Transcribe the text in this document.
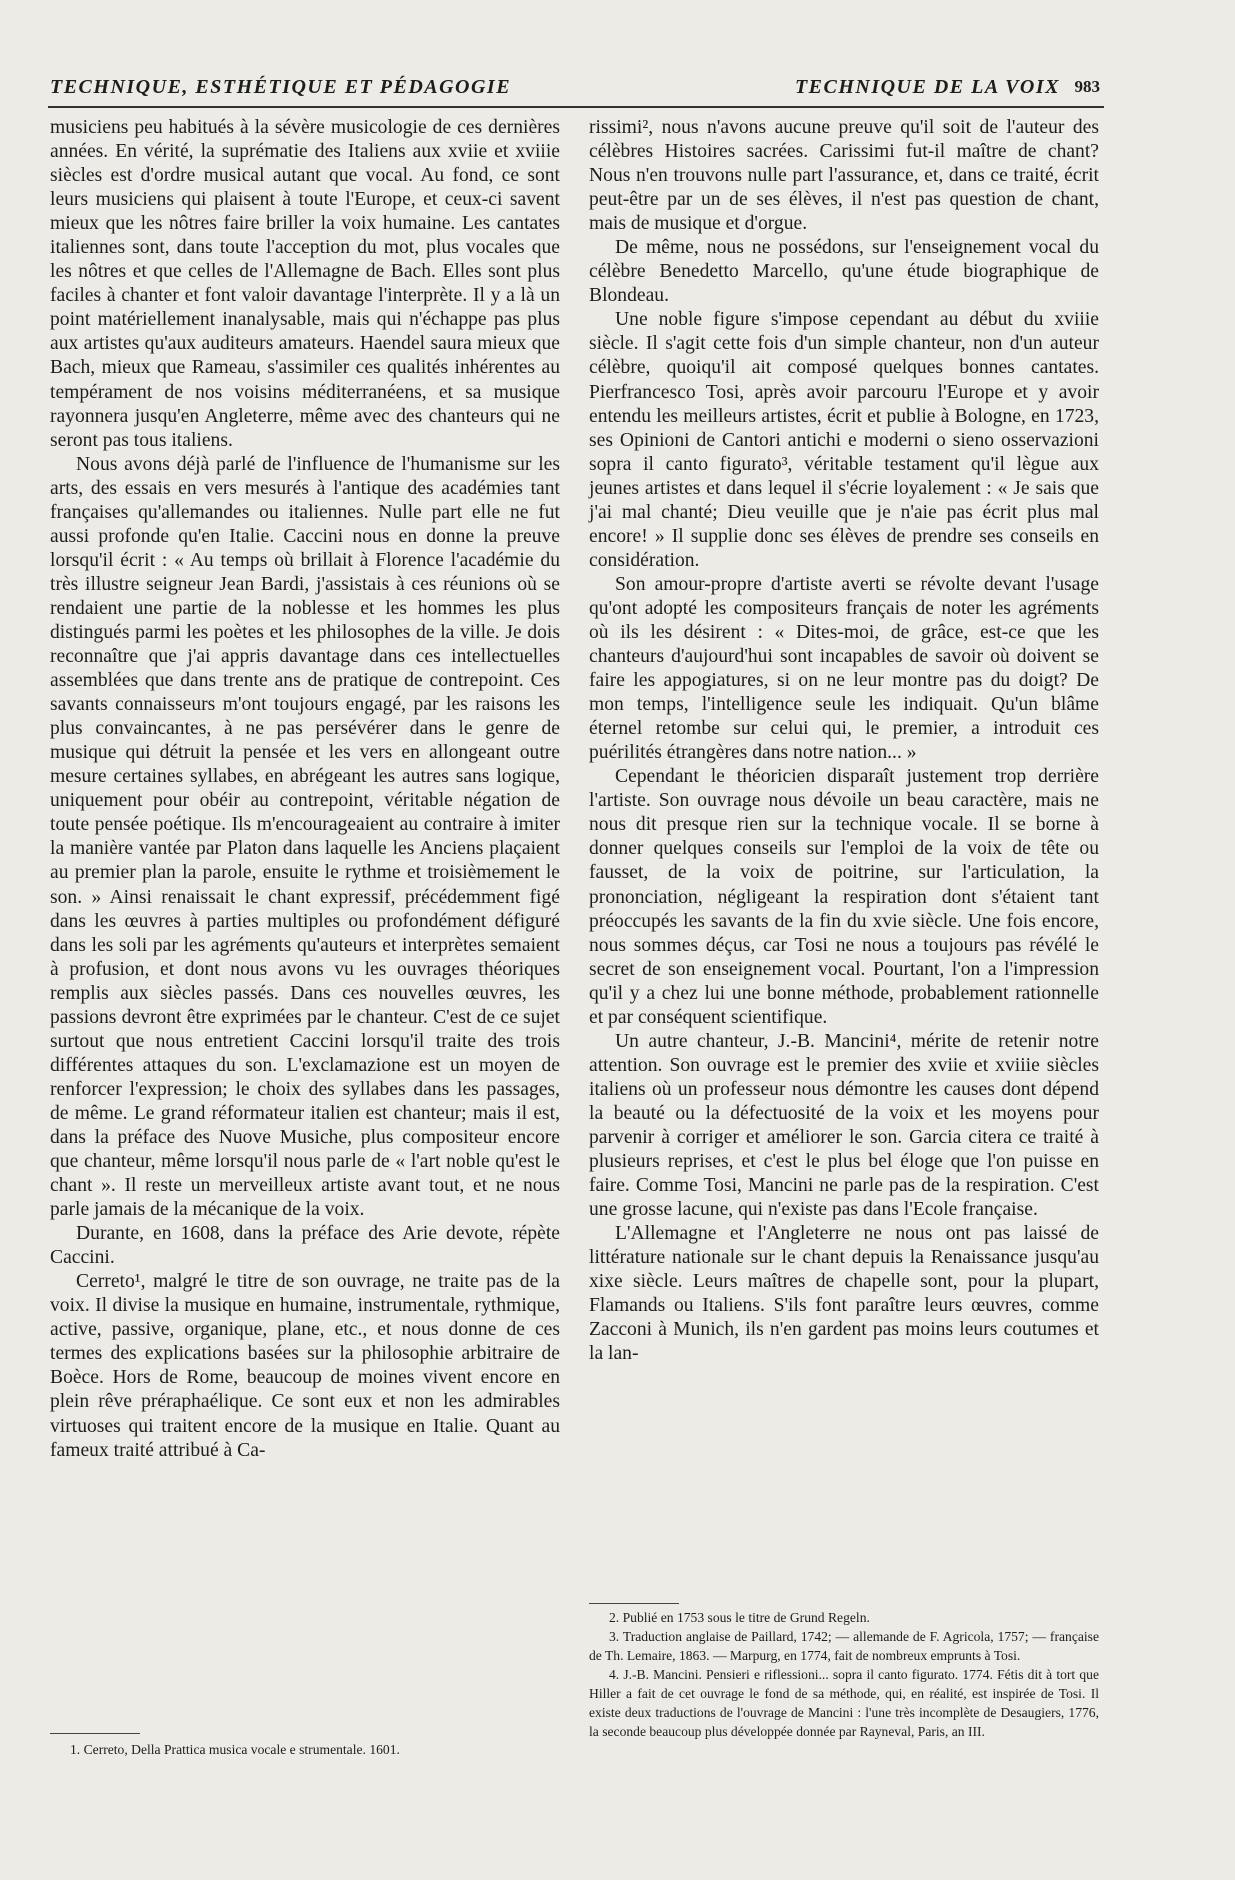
TECHNIQUE, ESTHÉTIQUE ET PÉDAGOGIE	TECHNIQUE DE LA VOIX 983

musiciens peu habitués à la sévère musicologie de ces dernières années. En vérité, la suprématie des Italiens aux xviie et xviiie siècles est d'ordre musical autant que vocal. Au fond, ce sont leurs musiciens qui plaisent à toute l'Europe, et ceux-ci savent mieux que les nôtres faire briller la voix humaine. Les cantates italiennes sont, dans toute l'acception du mot, plus vocales que les nôtres et que celles de l'Allemagne de Bach. Elles sont plus faciles à chanter et font valoir davantage l'interprète. Il y a là un point matériellement inanalysable, mais qui n'échappe pas plus aux artistes qu'aux auditeurs amateurs. Haendel saura mieux que Bach, mieux que Rameau, s'assimiler ces qualités inhérentes au tempérament de nos voisins méditerranéens, et sa musique rayonnera jusqu'en Angleterre, même avec des chanteurs qui ne seront pas tous italiens.

Nous avons déjà parlé de l'influence de l'humanisme sur les arts, des essais en vers mesurés à l'antique des académies tant françaises qu'allemandes ou italiennes. Nulle part elle ne fut aussi profonde qu'en Italie. Caccini nous en donne la preuve lorsqu'il écrit : « Au temps où brillait à Florence l'académie du très illustre seigneur Jean Bardi, j'assistais à ces réunions où se rendaient une partie de la noblesse et les hommes les plus distingués parmi les poètes et les philosophes de la ville. Je dois reconnaître que j'ai appris davantage dans ces intellectuelles assemblées que dans trente ans de pratique de contrepoint. Ces savants connaisseurs m'ont toujours engagé, par les raisons les plus convaincantes, à ne pas persévérer dans le genre de musique qui détruit la pensée et les vers en allongeant outre mesure certaines syllabes, en abrégeant les autres sans logique, uniquement pour obéir au contrepoint, véritable négation de toute pensée poétique. Ils m'encourageaient au contraire à imiter la manière vantée par Platon dans laquelle les Anciens plaçaient au premier plan la parole, ensuite le rythme et troisièmement le son. » Ainsi renaissait le chant expressif, précédemment figé dans les œuvres à parties multiples ou profondément défiguré dans les soli par les agréments qu'auteurs et interprètes semaient à profusion, et dont nous avons vu les ouvrages théoriques remplis aux siècles passés. Dans ces nouvelles œuvres, les passions devront être exprimées par le chanteur. C'est de ce sujet surtout que nous entretient Caccini lorsqu'il traite des trois différentes attaques du son. L'exclamazione est un moyen de renforcer l'expression; le choix des syllabes dans les passages, de même. Le grand réformateur italien est chanteur; mais il est, dans la préface des Nuove Musiche, plus compositeur encore que chanteur, même lorsqu'il nous parle de « l'art noble qu'est le chant ». Il reste un merveilleux artiste avant tout, et ne nous parle jamais de la mécanique de la voix.

Durante, en 1608, dans la préface des Arie devote, répète Caccini.

Cerreto¹, malgré le titre de son ouvrage, ne traite pas de la voix. Il divise la musique en humaine, instrumentale, rythmique, active, passive, organique, plane, etc., et nous donne de ces termes des explications basées sur la philosophie arbitraire de Boèce. Hors de Rome, beaucoup de moines vivent encore en plein rêve préraphaélique. Ce sont eux et non les admirables virtuoses qui traitent encore de la musique en Italie. Quant au fameux traité attribué à Ca-

rissimi², nous n'avons aucune preuve qu'il soit de l'auteur des célèbres Histoires sacrées. Carissimi fut-il maître de chant? Nous n'en trouvons nulle part l'assurance, et, dans ce traité, écrit peut-être par un de ses élèves, il n'est pas question de chant, mais de musique et d'orgue.

De même, nous ne possédons, sur l'enseignement vocal du célèbre Benedetto Marcello, qu'une étude biographique de Blondeau.

Une noble figure s'impose cependant au début du xviiie siècle. Il s'agit cette fois d'un simple chanteur, non d'un auteur célèbre, quoiqu'il ait composé quelques bonnes cantates. Pierfrancesco Tosi, après avoir parcouru l'Europe et y avoir entendu les meilleurs artistes, écrit et publie à Bologne, en 1723, ses Opinioni de Cantori antichi e moderni o sieno osservazioni sopra il canto figurato³, véritable testament qu'il lègue aux jeunes artistes et dans lequel il s'écrie loyalement : « Je sais que j'ai mal chanté; Dieu veuille que je n'aie pas écrit plus mal encore! » Il supplie donc ses élèves de prendre ses conseils en considération.

Son amour-propre d'artiste averti se révolte devant l'usage qu'ont adopté les compositeurs français de noter les agréments où ils les désirent : « Dites-moi, de grâce, est-ce que les chanteurs d'aujourd'hui sont incapables de savoir où doivent se faire les appogiatures, si on ne leur montre pas du doigt? De mon temps, l'intelligence seule les indiquait. Qu'un blâme éternel retombe sur celui qui, le premier, a introduit ces puérilités étrangères dans notre nation... »

Cependant le théoricien disparaît justement trop derrière l'artiste. Son ouvrage nous dévoile un beau caractère, mais ne nous dit presque rien sur la technique vocale. Il se borne à donner quelques conseils sur l'emploi de la voix de tête ou fausset, de la voix de poitrine, sur l'articulation, la prononciation, négligeant la respiration dont s'étaient tant préoccupés les savants de la fin du xvie siècle. Une fois encore, nous sommes déçus, car Tosi ne nous a toujours pas révélé le secret de son enseignement vocal. Pourtant, l'on a l'impression qu'il y a chez lui une bonne méthode, probablement rationnelle et par conséquent scientifique.

Un autre chanteur, J.-B. Mancini⁴, mérite de retenir notre attention. Son ouvrage est le premier des xviie et xviiie siècles italiens où un professeur nous démontre les causes dont dépend la beauté ou la défectuosité de la voix et les moyens pour parvenir à corriger et améliorer le son. Garcia citera ce traité à plusieurs reprises, et c'est le plus bel éloge que l'on puisse en faire. Comme Tosi, Mancini ne parle pas de la respiration. C'est une grosse lacune, qui n'existe pas dans l'Ecole française.

L'Allemagne et l'Angleterre ne nous ont pas laissé de littérature nationale sur le chant depuis la Renaissance jusqu'au xixe siècle. Leurs maîtres de chapelle sont, pour la plupart, Flamands ou Italiens. S'ils font paraître leurs œuvres, comme Zacconi à Munich, ils n'en gardent pas moins leurs coutumes et la lan-

1. Cerreto, Della Prattica musica vocale e strumentale. 1601.

2. Publié en 1753 sous le titre de Grund Regeln.

3. Traduction anglaise de Paillard, 1742; — allemande de F. Agricola, 1757; — française de Th. Lemaire, 1863. — Marpurg, en 1774, fait de nombreux emprunts à Tosi.

4. J.-B. Mancini. Pensieri e riflessioni... sopra il canto figurato. 1774. Fétis dit à tort que Hiller a fait de cet ouvrage le fond de sa méthode, qui, en réalité, est inspirée de Tosi. Il existe deux traductions de l'ouvrage de Mancini : l'une très incomplète de Desaugiers, 1776, la seconde beaucoup plus développée donnée par Rayneval, Paris, an III.
